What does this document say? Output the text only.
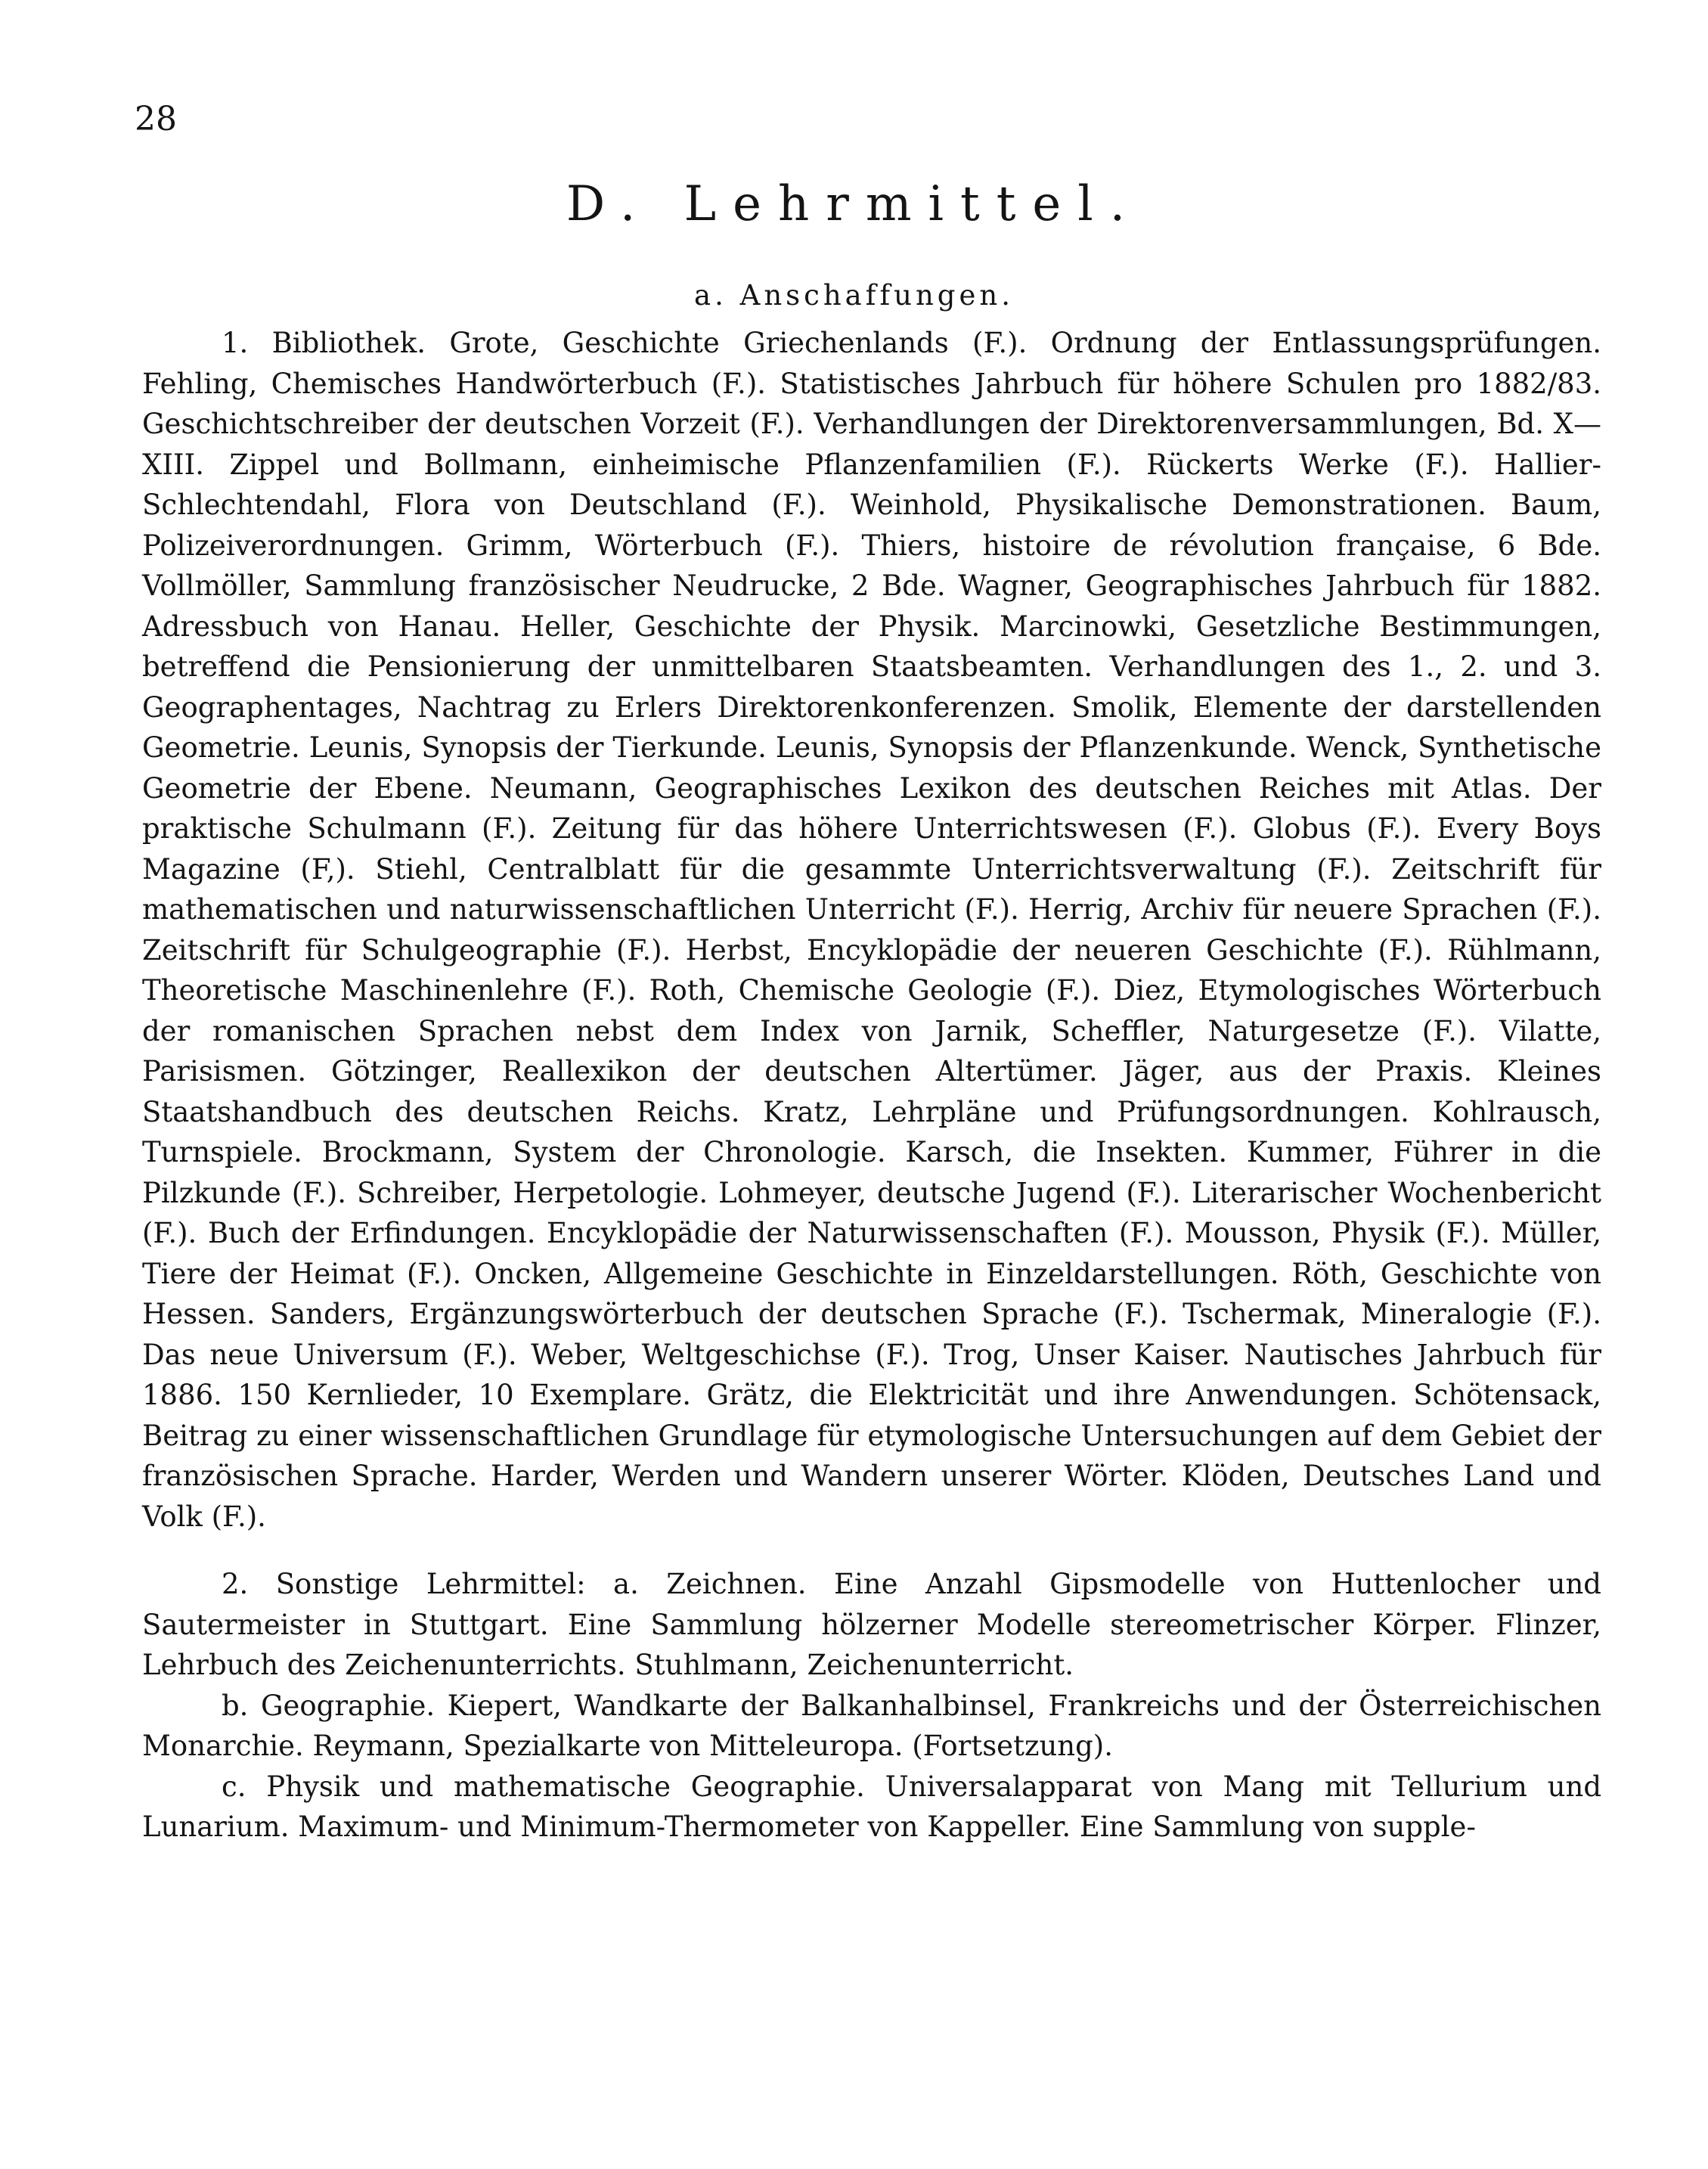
28
D. Lehrmittel.
a. Anschaffungen.

1. Bibliothek. Grote, Geschichte Griechenlands (F.). Ordnung der Entlassungsprüfungen. Fehling, Chemisches Handwörterbuch (F.). Statistisches Jahrbuch für höhere Schulen pro 1882/83. Geschichtschreiber der deutschen Vorzeit (F.). Verhandlungen der Direktorenversammlungen, Bd. X—XIII. Zippel und Bollmann, einheimische Pflanzenfamilien (F.). Rückerts Werke (F.). Hallier-Schlechtendahl, Flora von Deutschland (F.). Weinhold, Physikalische Demonstrationen. Baum, Polizeiverordnungen. Grimm, Wörterbuch (F.). Thiers, histoire de révolution française, 6 Bde. Vollmöller, Sammlung französischer Neudrucke, 2 Bde. Wagner, Geographisches Jahrbuch für 1882. Adressbuch von Hanau. Heller, Geschichte der Physik. Marcinowki, Gesetzliche Bestimmungen, betreffend die Pensionierung der unmittelbaren Staatsbeamten. Verhandlungen des 1., 2. und 3. Geographentages, Nachtrag zu Erlers Direktorenkonferenzen. Smolik, Elemente der darstellenden Geometrie. Leunis, Synopsis der Tierkunde. Leunis, Synopsis der Pflanzenkunde. Wenck, Synthetische Geometrie der Ebene. Neumann, Geographisches Lexikon des deutschen Reiches mit Atlas. Der praktische Schulmann (F.). Zeitung für das höhere Unterrichtswesen (F.). Globus (F.). Every Boys Magazine (F,). Stiehl, Centralblatt für die gesammte Unterrichtsverwaltung (F.). Zeitschrift für mathematischen und naturwissenschaftlichen Unterricht (F.). Herrig, Archiv für neuere Sprachen (F.). Zeitschrift für Schulgeographie (F.). Herbst, Encyklopädie der neueren Geschichte (F.). Rühlmann, Theoretische Maschinenlehre (F.). Roth, Chemische Geologie (F.). Diez, Etymologisches Wörterbuch der romanischen Sprachen nebst dem Index von Jarnik, Scheffler, Naturgesetze (F.). Vilatte, Parisismen. Götzinger, Reallexikon der deutschen Altertümer. Jäger, aus der Praxis. Kleines Staatshandbuch des deutschen Reichs. Kratz, Lehrpläne und Prüfungsordnungen. Kohlrausch, Turnspiele. Brockmann, System der Chronologie. Karsch, die Insekten. Kummer, Führer in die Pilzkunde (F.). Schreiber, Herpetologie. Lohmeyer, deutsche Jugend (F.). Literarischer Wochenbericht (F.). Buch der Erfindungen. Encyklopädie der Naturwissenschaften (F.). Mousson, Physik (F.). Müller, Tiere der Heimat (F.). Oncken, Allgemeine Geschichte in Einzeldarstellungen. Röth, Geschichte von Hessen. Sanders, Ergänzungswörterbuch der deutschen Sprache (F.). Tschermak, Mineralogie (F.). Das neue Universum (F.). Weber, Weltgeschichse (F.). Trog, Unser Kaiser. Nautisches Jahrbuch für 1886. 150 Kernlieder, 10 Exemplare. Grätz, die Elektricität und ihre Anwendungen. Schötensack, Beitrag zu einer wissenschaftlichen Grundlage für etymologische Untersuchungen auf dem Gebiet der französischen Sprache. Harder, Werden und Wandern unserer Wörter. Klöden, Deutsches Land und Volk (F.).

2. Sonstige Lehrmittel: a. Zeichnen. Eine Anzahl Gipsmodelle von Huttenlocher und Sautermeister in Stuttgart. Eine Sammlung hölzerner Modelle stereometrischer Körper. Flinzer, Lehrbuch des Zeichenunterrichts. Stuhlmann, Zeichenunterricht.

b. Geographie. Kiepert, Wandkarte der Balkanhalbinsel, Frankreichs und der Österreichischen Monarchie. Reymann, Spezialkarte von Mitteleuropa. (Fortsetzung).

c. Physik und mathematische Geographie. Universalapparat von Mang mit Tellurium und Lunarium. Maximum- und Minimum-Thermometer von Kappeller. Eine Sammlung von supple-
